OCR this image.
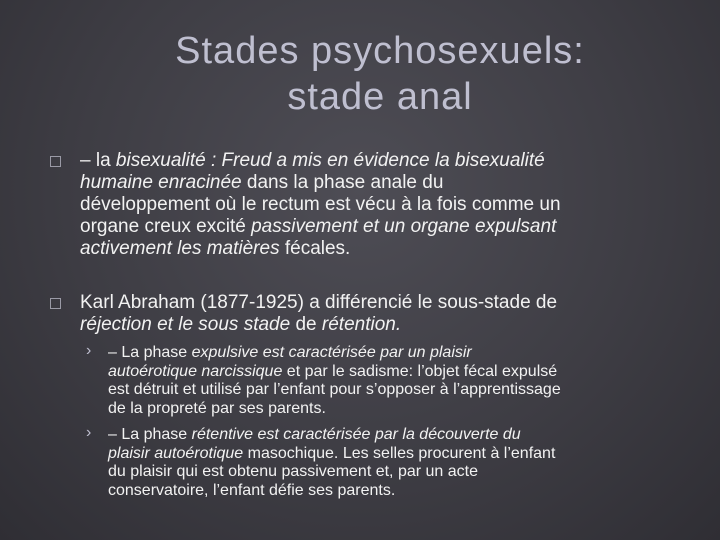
Stades psychosexuels:
stade anal
– la bisexualité : Freud a mis en évidence la bisexualité
humaine enracinée dans la phase anale du
développement où le rectum est vécu à la fois comme un
organe creux excité passivement et un organe expulsant
activement les matières fécales.
Karl Abraham (1877-1925) a différencié le sous-stade de
réjection et le sous stade de rétention.
› – La phase expulsive est caractérisée par un plaisir
autoérotique narcissique et par le sadisme: l’objet fécal expulsé
est détruit et utilisé par l’enfant pour s’opposer à l’apprentissage
de la propreté par ses parents.
› – La phase rétentive est caractérisée par la découverte du
plaisir autoérotique masochique. Les selles procurent à l’enfant
du plaisir qui est obtenu passivement et, par un acte
conservatoire, l’enfant défie ses parents.
